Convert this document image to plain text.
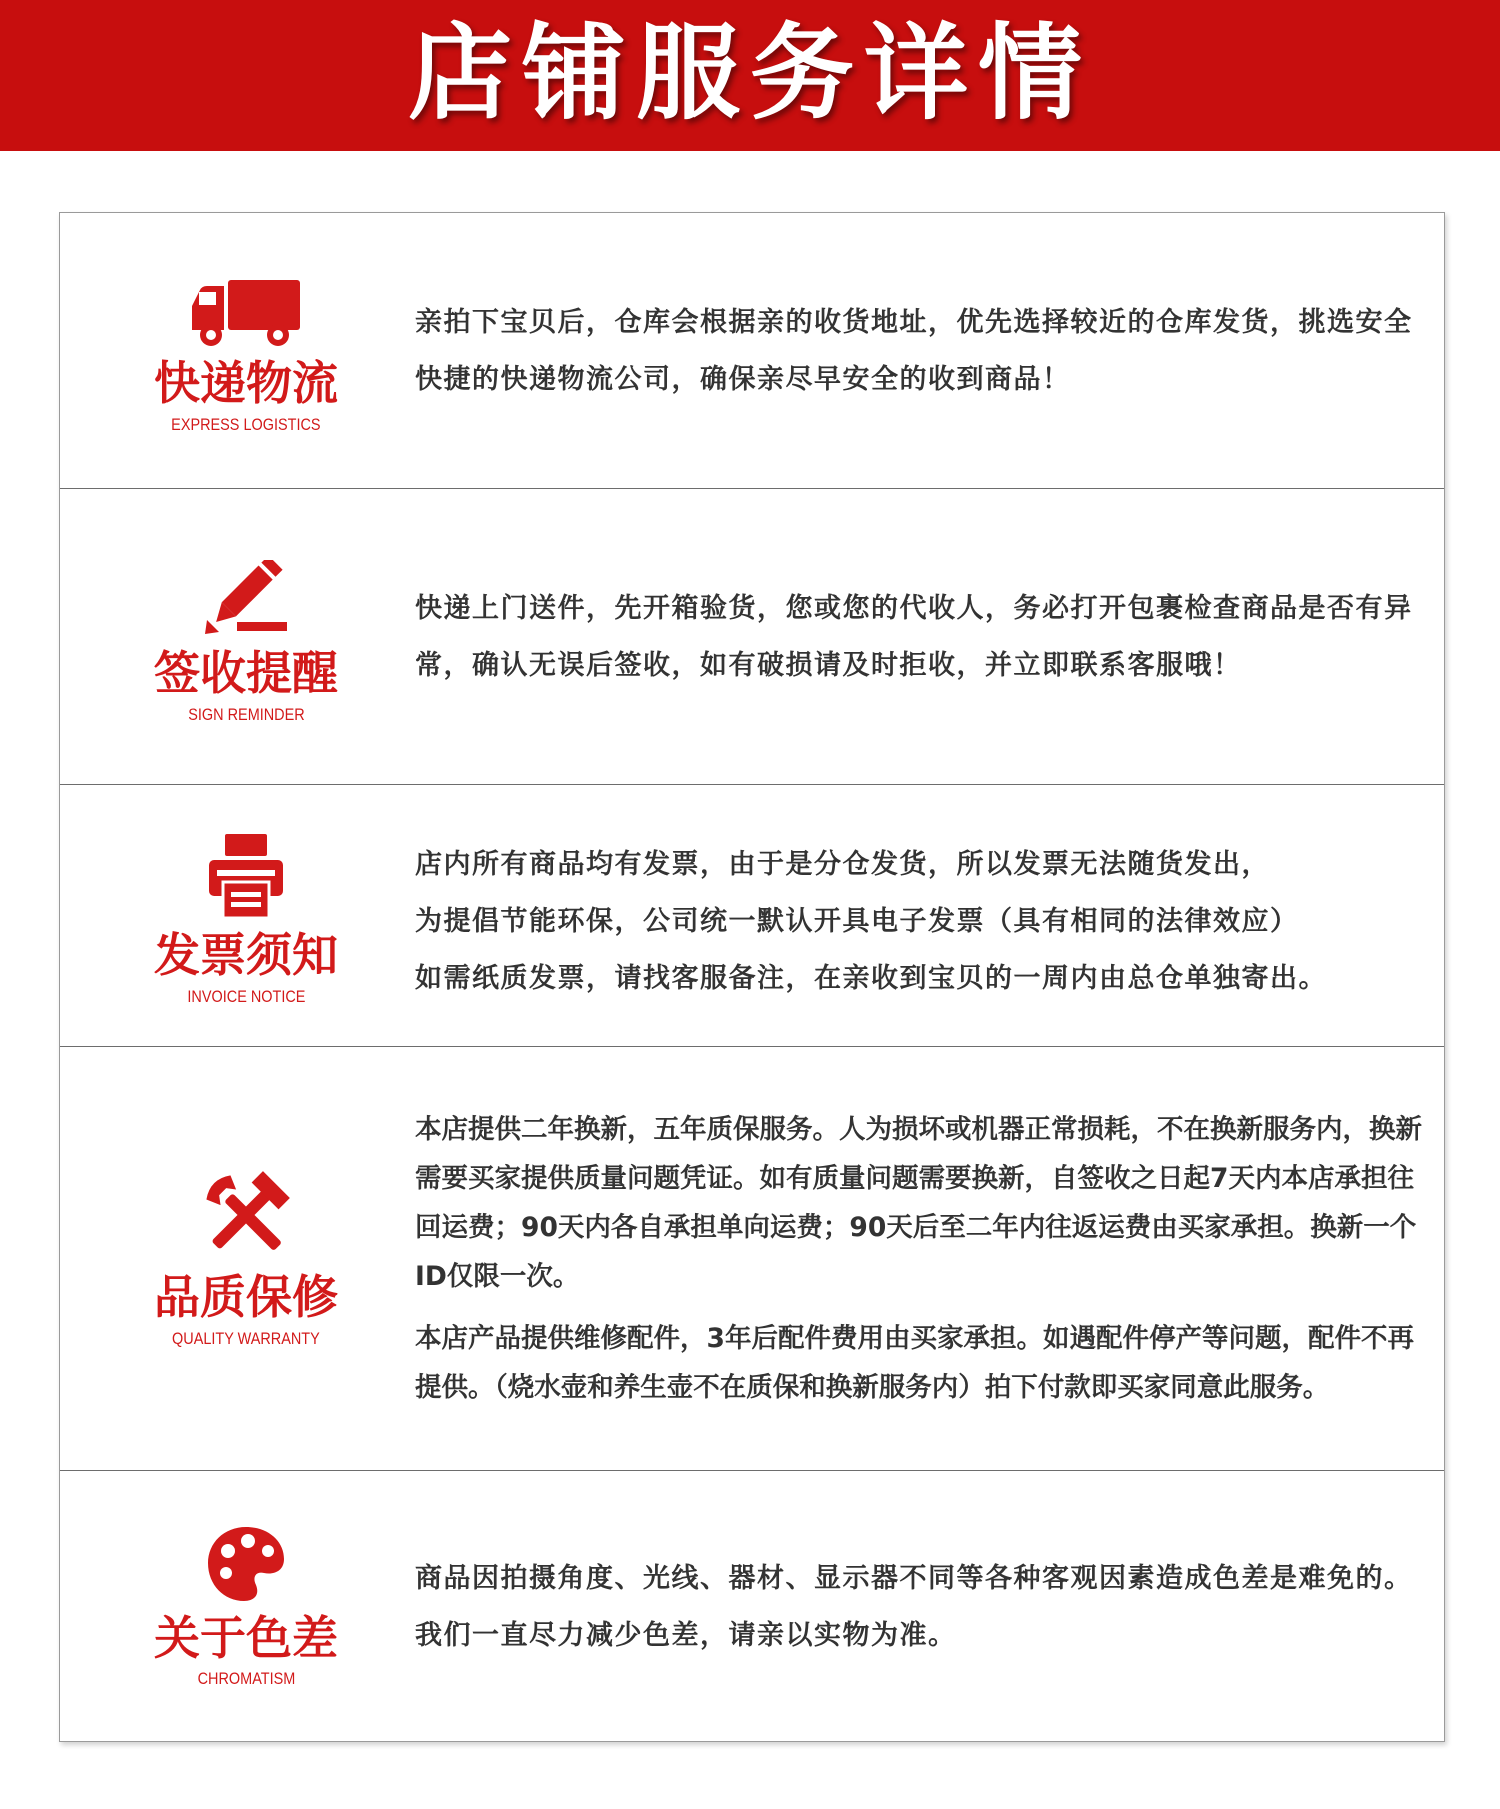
店铺服务详情
快递物流
EXPRESS LOGISTICS

亲拍下宝贝后，仓库会根据亲的收货地址，优先选择较近的仓库发货，挑选安全快捷的快递物流公司，确保亲尽早安全的收到商品！

签收提醒
SIGN REMINDER

快递上门送件，先开箱验货，您或您的代收人，务必打开包裹检查商品是否有异常，确认无误后签收，如有破损请及时拒收，并立即联系客服哦！

发票须知
INVOICE NOTICE

店内所有商品均有发票，由于是分仓发货，所以发票无法随货发出，

为提倡节能环保，公司统一默认开具电子发票（具有相同的法律效应）

如需纸质发票，请找客服备注，在亲收到宝贝的一周内由总仓单独寄出。

品质保修
QUALITY WARRANTY

本店提供二年换新，五年质保服务。人为损坏或机器正常损耗，不在换新服务内，换新需要买家提供质量问题凭证。如有质量问题需要换新，自签收之日起7天内本店承担往回运费；90天内各自承担单向运费；90天后至二年内往返运费由买家承担。换新一个ID仅限一次。

本店产品提供维修配件，3年后配件费用由买家承担。如遇配件停产等问题，配件不再提供。（烧水壶和养生壶不在质保和换新服务内）拍下付款即买家同意此服务。

关于色差
CHROMATISM

商品因拍摄角度、光线、器材、显示器不同等各种客观因素造成色差是难免的。我们一直尽力减少色差，请亲以实物为准。
